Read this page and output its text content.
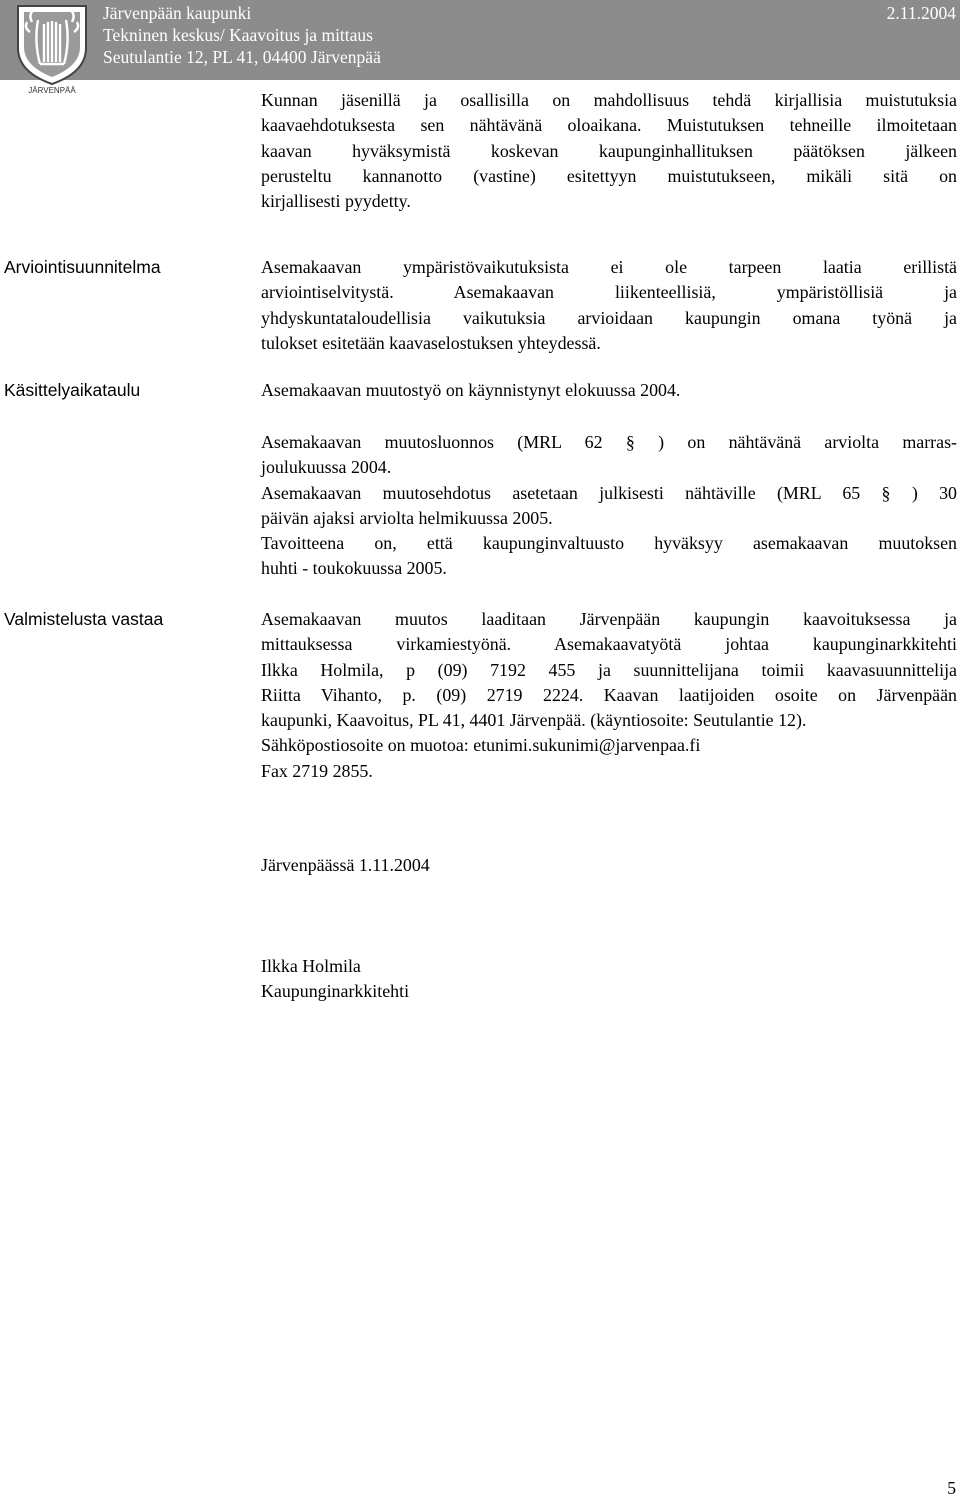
JÄRVENPÄÄ
Järvenpään kaupunki
Tekninen keskus/ Kaavoitus ja mittaus
Seutulantie 12, PL 41, 04400 Järvenpää
2.11.2004
Kunnan jäsenillä ja osallisilla on mahdollisuus tehdä kirjallisia muistutuksia
kaavaehdotuksesta sen nähtävänä oloaikana. Muistutuksen tehneille ilmoitetaan
kaavan hyväksymistä koskevan kaupunginhallituksen päätöksen jälkeen
perusteltu kannanotto (vastine) esitettyyn muistutukseen, mikäli sitä on
kirjallisesti pyydetty.
Arviointisuunnitelma	Asemakaavan ympäristövaikutuksista ei ole tarpeen laatia erillistä
arviointiselvitystä. Asemakaavan liikenteellisiä, ympäristöllisiä ja
yhdyskuntataloudellisia vaikutuksia arvioidaan kaupungin omana työnä ja
tulokset esitetään kaavaselostuksen yhteydessä.
Käsittelyaikataulu	Asemakaavan muutostyö on käynnistynyt elokuussa 2004.
Asemakaavan muutosluonnos (MRL 62 § ) on nähtävänä arviolta marras-
joulukuussa 2004.
Asemakaavan muutosehdotus asetetaan julkisesti nähtäville (MRL 65 § ) 30
päivän ajaksi arviolta helmikuussa 2005.
Tavoitteena on, että kaupunginvaltuusto hyväksyy asemakaavan muutoksen
huhti - toukokuussa 2005.
Valmistelusta vastaa	Asemakaavan muutos laaditaan Järvenpään kaupungin kaavoituksessa ja
mittauksessa virkamiestyönä. Asemakaavatyötä johtaa kaupunginarkkitehti
Ilkka Holmila, p (09) 7192 455 ja suunnittelijana toimii kaavasuunnittelija
Riitta Vihanto, p. (09) 2719 2224. Kaavan laatijoiden osoite on Järvenpään
kaupunki, Kaavoitus, PL 41, 4401 Järvenpää. (käyntiosoite: Seutulantie 12).
Sähköpostiosoite on muotoa: etunimi.sukunimi@jarvenpaa.fi
Fax 2719 2855.
Järvenpäässä 1.11.2004
Ilkka Holmila
Kaupunginarkkitehti
5
